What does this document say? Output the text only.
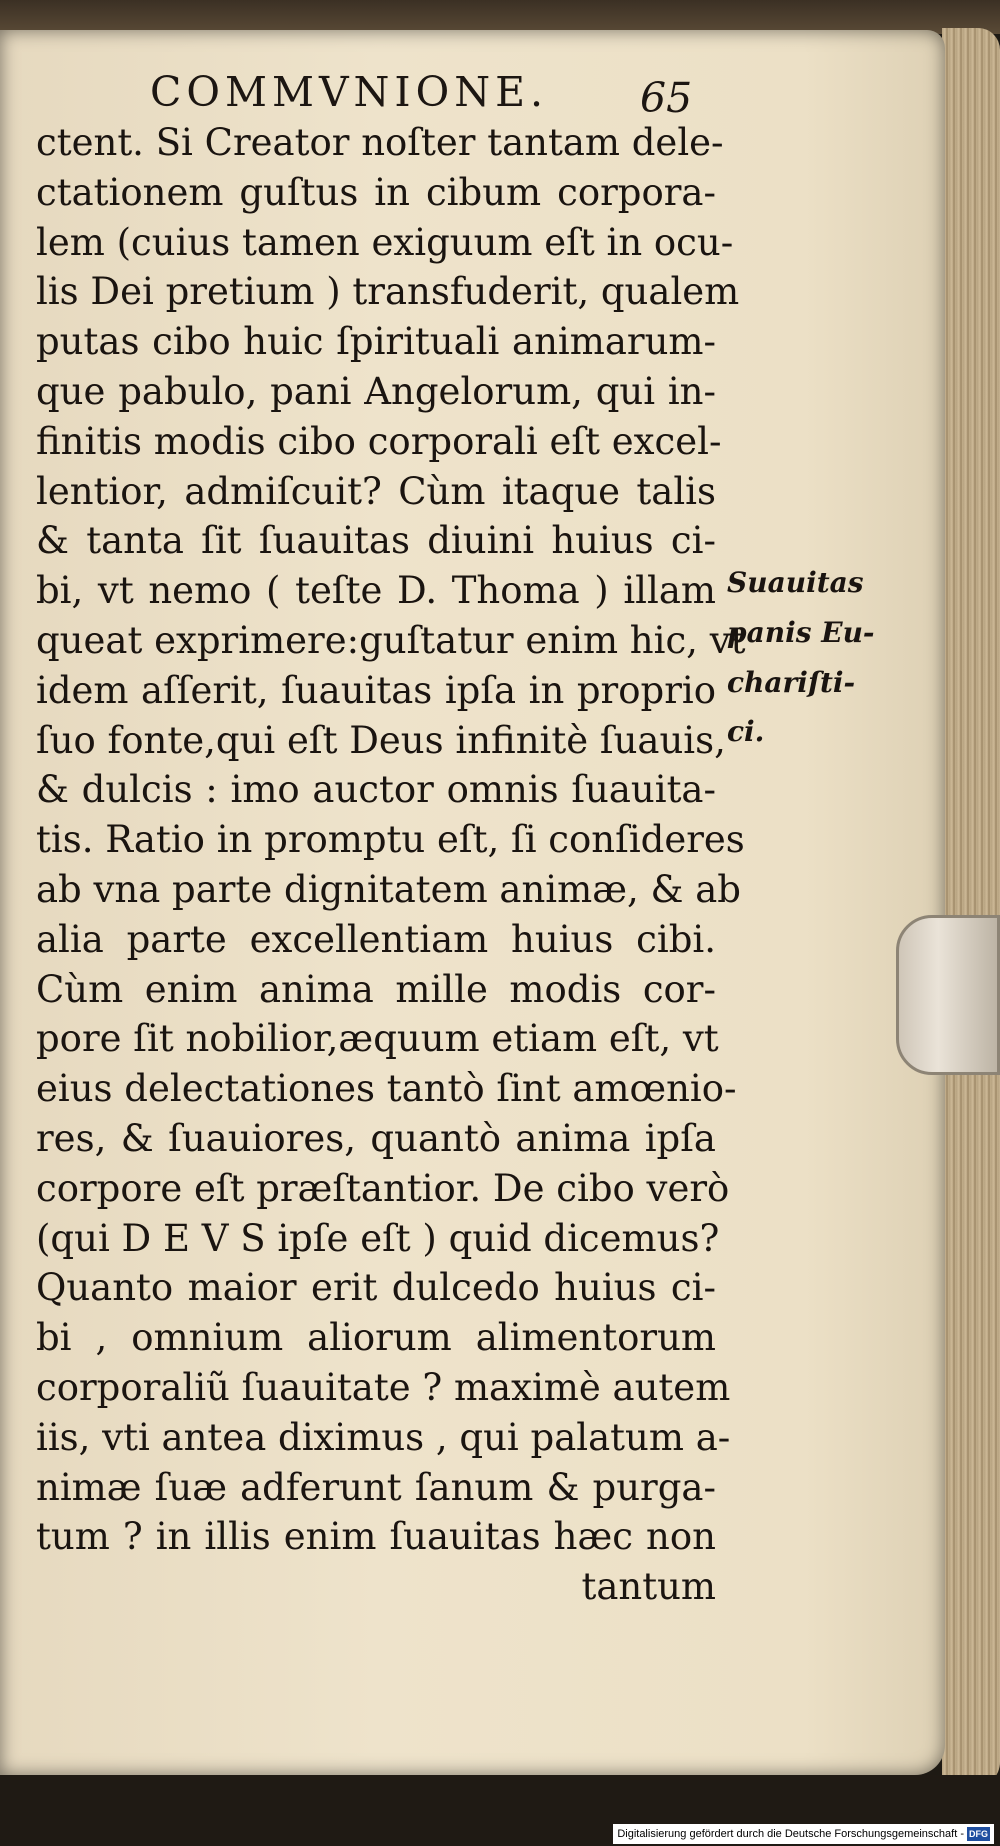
COMMVNIONE. 65
ctent. Si Creator noſter tantam dele-
ctationem guſtus in cibum corpora-
lem (cuius tamen exiguum eſt in ocu-
lis Dei pretium ) transfuderit, qualem
putas cibo huic ſpirituali animarum-
que pabulo, pani Angelorum, qui in-
finitis modis cibo corporali eſt excel-
lentior, admiſcuit? Cùm itaque talis
& tanta ſit ſuauitas diuini huius ci-
bi, vt nemo ( teſte D. Thoma ) illam
queat exprimere:guſtatur enim hic, vt
idem aſſerit, ſuauitas ipſa in proprio
ſuo fonte,qui eſt Deus infinitè ſuauis,
& dulcis : imo auctor omnis ſuauita-
tis. Ratio in promptu eſt, ſi conſideres
ab vna parte dignitatem animæ, & ab
alia parte excellentiam huius cibi.
Cùm enim anima mille modis cor-
pore ſit nobilior,æquum etiam eſt, vt
eius delectationes tantò ſint amœnio-
res, & ſuauiores, quantò anima ipſa
corpore eſt præſtantior. De cibo verò
(qui D E V S ipſe eſt ) quid dicemus?
Quanto maior erit dulcedo huius ci-
bi , omnium aliorum alimentorum
corporaliũ ſuauitate ? maximè autem
iis, vti antea diximus , qui palatum a-
nimæ ſuæ adferunt ſanum & purga-
tum ? in illis enim ſuauitas hæc non
tantum
Suauitas
panis Eu-
chariſti-
ci.
Digitalisierung gefördert durch die Deutsche Forschungsgemeinschaft - DFG
